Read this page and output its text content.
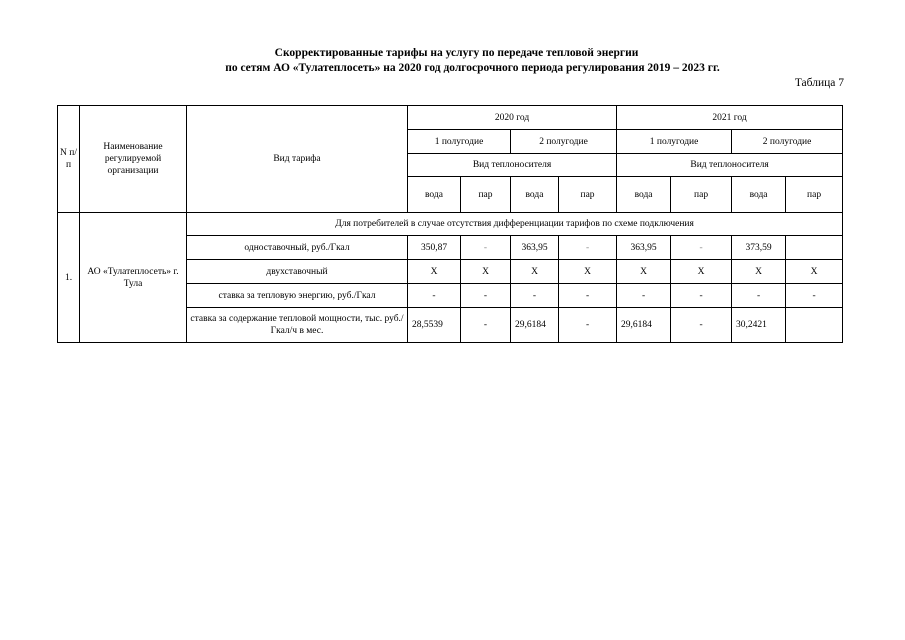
Скорректированные тарифы на услугу по передаче тепловой энергии
по сетям АО «Тулатеплосеть» на 2020 год долгосрочного периода регулирования 2019 – 2023 гг.
Таблица 7
N п/п	Наименование регулируемой организации	Вид тарифа	2020 год				2021 год			
			1 полугодие		2 полугодие		1 полугодие		2 полугодие	
			Вид теплоносителя				Вид теплоносителя			
			вода	пар	вода	пар	вода	пар	вода	пар
1.	АО «Тулатеплосеть» г. Тула	Для потребителей в случае отсутствия дифференциации тарифов по схеме подключения								
		одноставочный, руб./Гкал	350,87	-	363,95	-	363,95	-	373,59	
		двухставочный	X	X	X	X	X	X	X	X
		ставка за тепловую энергию, руб./Гкал	-	-	-	-	-	-	-	-
		ставка за содержание тепловой мощности, тыс. руб./Гкал/ч в мес.	28,5539	-	29,6184	-	29,6184	-	30,2421	
